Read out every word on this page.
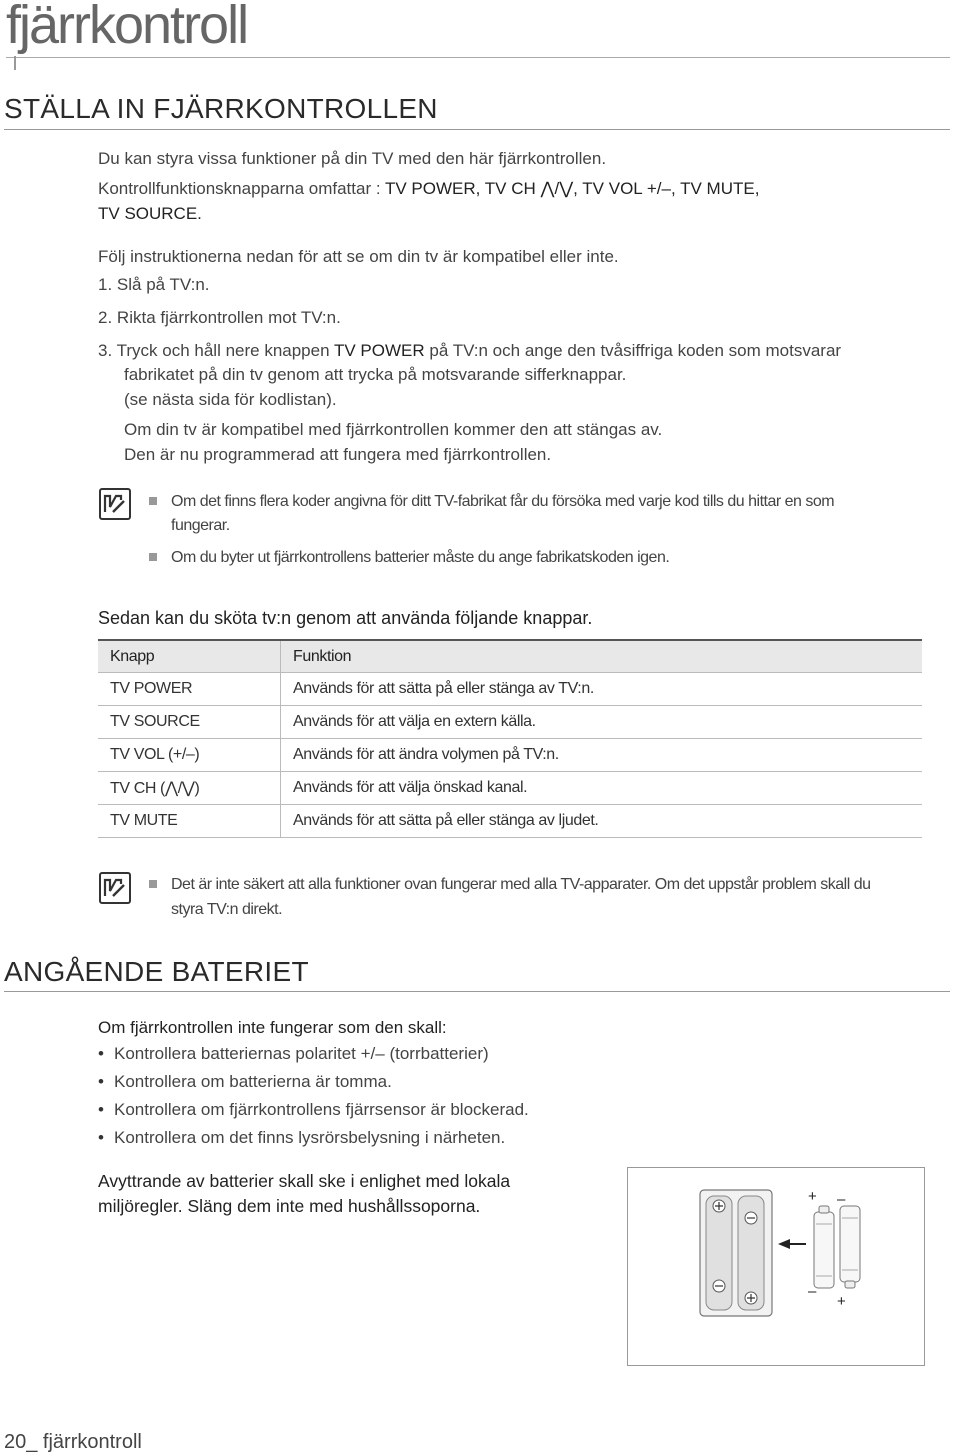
fjärrkontroll
STÄLLA IN FJÄRRKONTROLLEN
Du kan styra vissa funktioner på din TV med den här fjärrkontrollen.
Kontrollfunktionsknapparna omfattar : TV POWER, TV CH ⋀/⋁, TV VOL +/–, TV MUTE,
TV SOURCE.
Följ instruktionerna nedan för att se om din tv är kompatibel eller inte.
1. Slå på TV:n.
2. Rikta fjärrkontrollen mot TV:n.
3. Tryck och håll nere knappen TV POWER på TV:n och ange den tvåsiffriga koden som motsvarar
fabrikatet på din tv genom att trycka på motsvarande sifferknappar.
(se nästa sida för kodlistan).
Om din tv är kompatibel med fjärrkontrollen kommer den att stängas av.
Den är nu programmerad att fungera med fjärrkontrollen.
Om det finns flera koder angivna för ditt TV-fabrikat får du försöka med varje kod tills du hittar en som
fungerar.
Om du byter ut fjärrkontrollens batterier måste du ange fabrikatskoden igen.
Sedan kan du sköta tv:n genom att använda följande knappar.
Knapp	Funktion
TV POWER	Används för att sätta på eller stänga av TV:n.
TV SOURCE	Används för att välja en extern källa.
TV VOL (+/–)	Används för att ändra volymen på TV:n.
TV CH (⋀/⋁)	Används för att välja önskad kanal.
TV MUTE	Används för att sätta på eller stänga av ljudet.
Det är inte säkert att alla funktioner ovan fungerar med alla TV-apparater. Om det uppstår problem skall du
styra TV:n direkt.
ANGÅENDE BATERIET
Om fjärrkontrollen inte fungerar som den skall:
• Kontrollera batteriernas polaritet +/– (torrbatterier)
• Kontrollera om batterierna är tomma.
• Kontrollera om fjärrkontrollens fjärrsensor är blockerad.
• Kontrollera om det finns lysrörsbelysning i närheten.
Avyttrande av batterier skall ske i enlighet med lokala
miljöregler. Släng dem inte med hushållssoporna.	+ –
–
+
20_ fjärrkontroll
